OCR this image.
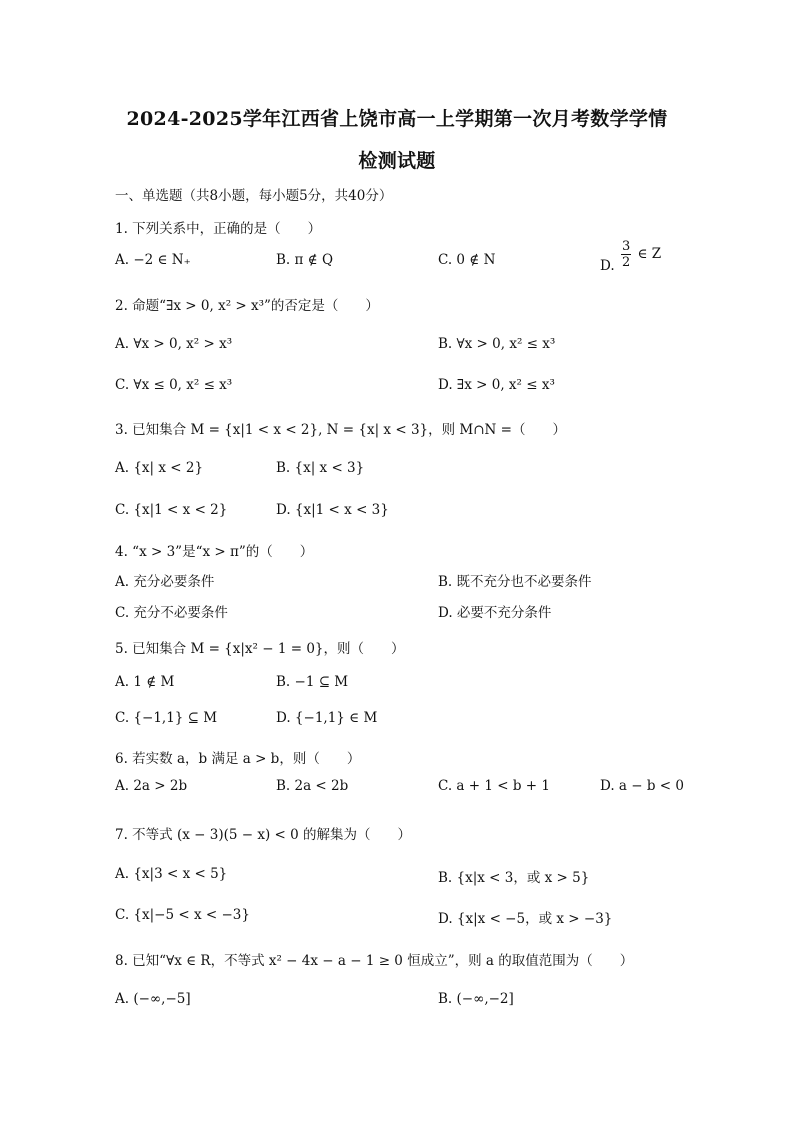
2024-2025学年江西省上饶市高一上学期第一次月考数学学情
检测试题
一、单选题（共8小题，每小题5分，共40分）
1. 下列关系中，正确的是（　　）
A. −2 ∈ N₊	B. π ∉ Q	C. 0 ∉ N	D. $\frac{3}{2}$ ∈ Z
2. 命题“∃x > 0, x² > x³”的否定是（　　）
A. ∀x > 0, x² > x³	B. ∀x > 0, x² ≤ x³
C. ∀x ≤ 0, x² ≤ x³	D. ∃x > 0, x² ≤ x³
3. 已知集合 M = {x|1 < x < 2}, N = {x| x < 3}，则 M∩N =（　　）
A. {x| x < 2}	B. {x| x < 3}
C. {x|1 < x < 2}	D. {x|1 < x < 3}
4. “x > 3”是“x > π”的（　　）
A. 充分必要条件	B. 既不充分也不必要条件
C. 充分不必要条件	D. 必要不充分条件
5. 已知集合 M = {x|x² − 1 = 0}，则（　　）
A. 1 ∉ M	B. −1 ⊆ M
C. {−1,1} ⊆ M	D. {−1,1} ∈ M
6. 若实数 a，b 满足 a > b，则（　　）
A. 2a > 2b	B. 2a < 2b	C. a + 1 < b + 1	D. a − b < 0
7. 不等式 (x − 3)(5 − x) < 0 的解集为（　　）
A. {x|3 < x < 5}	B. {x|x < 3，或 x > 5}
C. {x|−5 < x < −3}	D. {x|x < −5，或 x > −3}
8. 已知“∀x ∈ R，不等式 x² − 4x − a − 1 ≥ 0 恒成立”，则 a 的取值范围为（　　）
A. (−∞,−5]	B. (−∞,−2]
